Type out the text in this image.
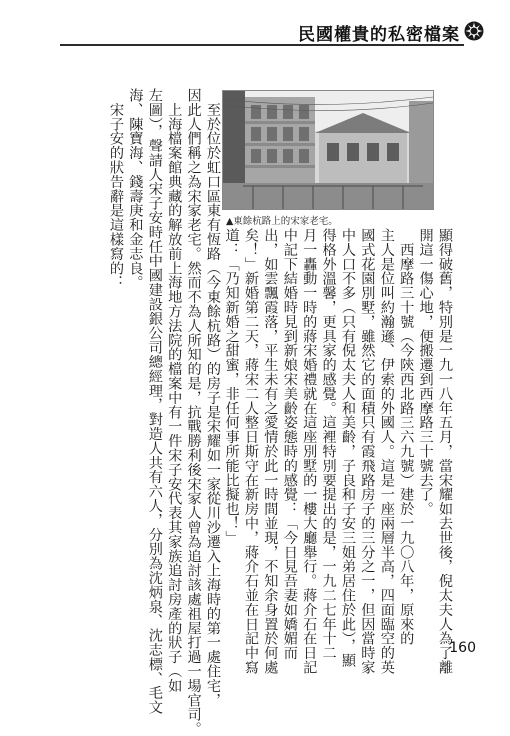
民國權貴的私密檔案
▲東餘杭路上的宋家老宅。
顯得破舊，特別是一九一八年五月，當宋耀如去世後，倪太夫人為了離
開這一傷心地，便搬遷到西摩路三十號去了。
　西摩路三十號（今陝西北路三六九號）建於一九〇八年，原來的
主人是位叫約瀚遜、伊索的外國人。這是一座兩層半高，四面臨空的英
國式花園別墅，雖然它的面積只有霞飛路房子的三分之一，但因當時家
中人口不多（只有倪太夫人和美齡，子良和子安三姐弟居住於此），顯
得格外溫馨，更具家的感覺。這裡特別要提出的是，一九二七年十二
月一轟動一時的蔣宋婚禮就在這座別墅的一樓大廳舉行。蔣介石在日記
中記下結婚時見到新娘宋美齡姿態時的感覺：「今日見吾妻如嬌媚而
出，如雲飄霞落，平生未有之愛情於此一時間並現，不知余身置於何處
矣！」新婚第二天，蔣宋二人整日斯守在新房中，蔣介石並在日記中寫
道：「乃知新婚之甜蜜，非任何事所能比擬也！」
　至於位於虹口區東有恆路（今東餘杭路）的房子是宋耀如一家從川沙遷入上海時的第一處住宅，
因此人們稱之為宋家老宅。然而不為人所知的是，抗戰勝利後宋家人曾為追討該處祖屋打過一場官司。
　上海檔案館典藏的解放前上海地方法院的檔案中有一件宋子安代表其家族追討房產的狀子（如
左圖），聲請人宋子安時任中國建設銀公司總經理，對造人共有六人，分別為沈炳泉、沈志標、毛文
海、陳寶海、錢壽庚和金志良。
　宋子安的狀告辭是這樣寫的：
160
